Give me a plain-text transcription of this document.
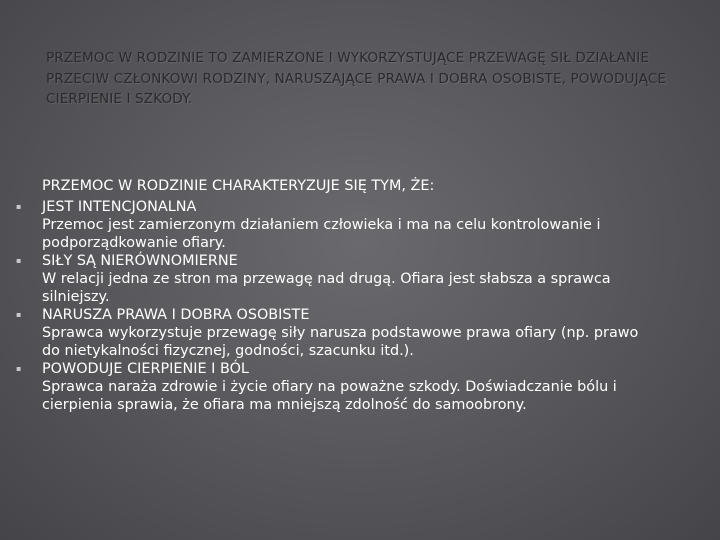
PRZEMOC W RODZINIE TO ZAMIERZONE I WYKORZYSTUJĄCE PRZEWAGĘ SIŁ DZIAŁANIE PRZECIW CZŁONKOWI RODZINY, NARUSZAJĄCE PRAWA I DOBRA OSOBISTE, POWODUJĄCE CIERPIENIE I SZKODY.
PRZEMOC W RODZINIE CHARAKTERYZUJE SIĘ TYM, ŻE:
▪ JEST INTENCJONALNA
Przemoc jest zamierzonym działaniem człowieka i ma na celu kontrolowanie i
podporządkowanie ofiary.
▪ SIŁY SĄ NIERÓWNOMIERNE
W relacji jedna ze stron ma przewagę nad drugą. Ofiara jest słabsza a sprawca
silniejszy.
▪ NARUSZA PRAWA I DOBRA OSOBISTE
Sprawca wykorzystuje przewagę siły narusza podstawowe prawa ofiary (np. prawo
do nietykalności fizycznej, godności, szacunku itd.).
▪ POWODUJE CIERPIENIE I BÓL
Sprawca naraża zdrowie i życie ofiary na poważne szkody. Doświadczanie bólu i
cierpienia sprawia, że ofiara ma mniejszą zdolność do samoobrony.
